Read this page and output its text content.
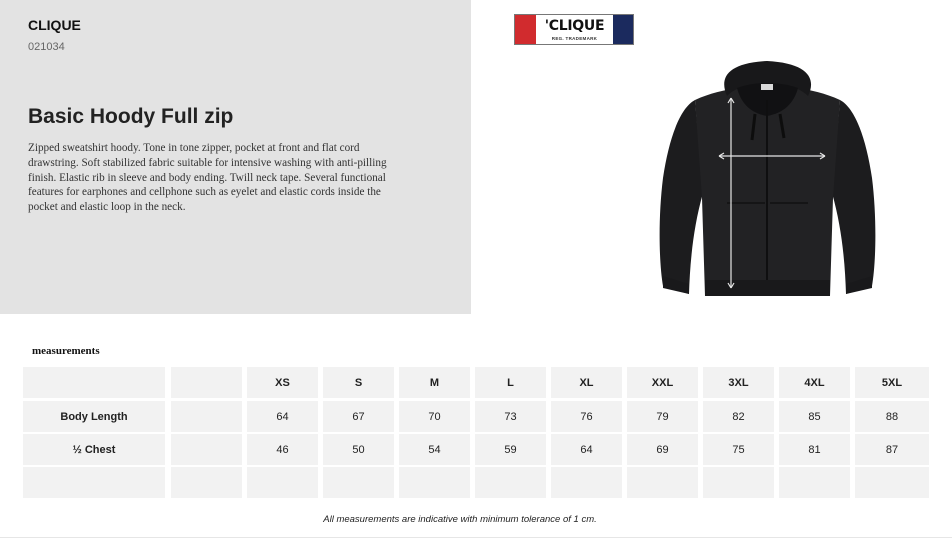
CLIQUE
021034
Basic Hoody Full zip
Zipped sweatshirt hoody. Tone in tone zipper, pocket at front and flat cord drawstring. Soft stabilized fabric suitable for intensive washing with anti-pilling finish. Elastic rib in sleeve and body ending. Twill neck tape. Several functional features for earphones and cellphone such as eyelet and elastic cords inside the pocket and elastic loop in the neck.
'CLIQUE
REG. TRADEMARK
measurements
XS	S	M	L	XL	XXL	3XL	4XL	5XL
Body Length	64	67	70	73	76	79	82	85	88
½ Chest	46	50	54	59	64	69	75	81	87
All measurements are indicative with minimum tolerance of 1 cm.
